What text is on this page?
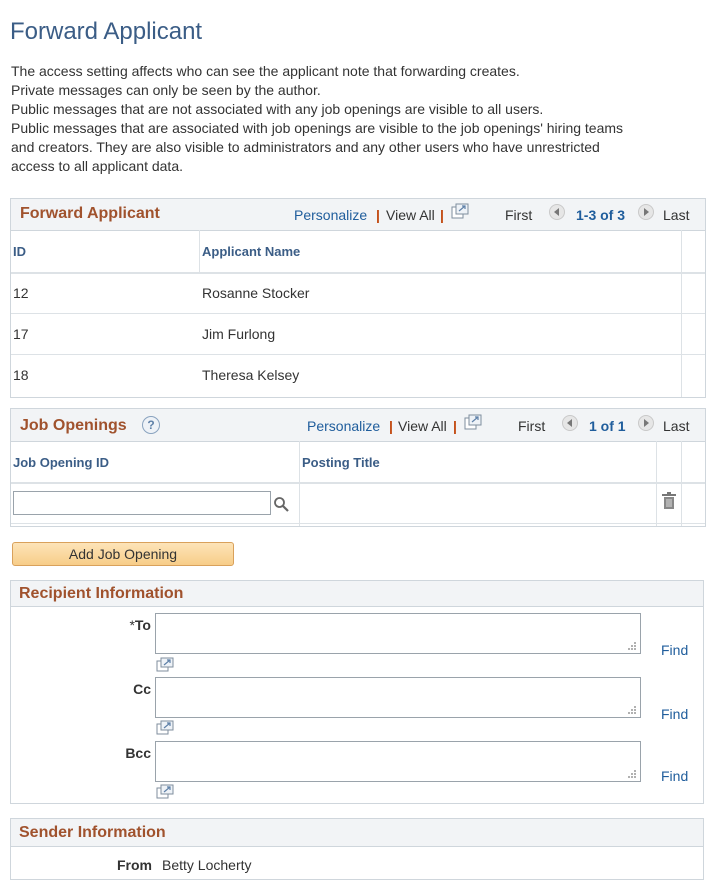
Forward Applicant
The access setting affects who can see the applicant note that forwarding creates.
Private messages can only be seen by the author.
Public messages that are not associated with any job openings are visible to all users.
Public messages that are associated with job openings are visible to the job openings' hiring teams
and creators. They are also visible to administrators and any other users who have unrestricted
access to all applicant data.
Forward Applicant	Personalize | View All |	First	1-3 of 3	Last
ID	Applicant Name
12	Rosanne Stocker
17	Jim Furlong
18	Theresa Kelsey
Job Openings	?	Personalize | View All |	First	1 of 1	Last
Job Opening ID	Posting Title
Add Job Opening
Recipient Information
*To
Find
Cc
Find
Bcc
Find
Sender Information
From Betty Locherty
